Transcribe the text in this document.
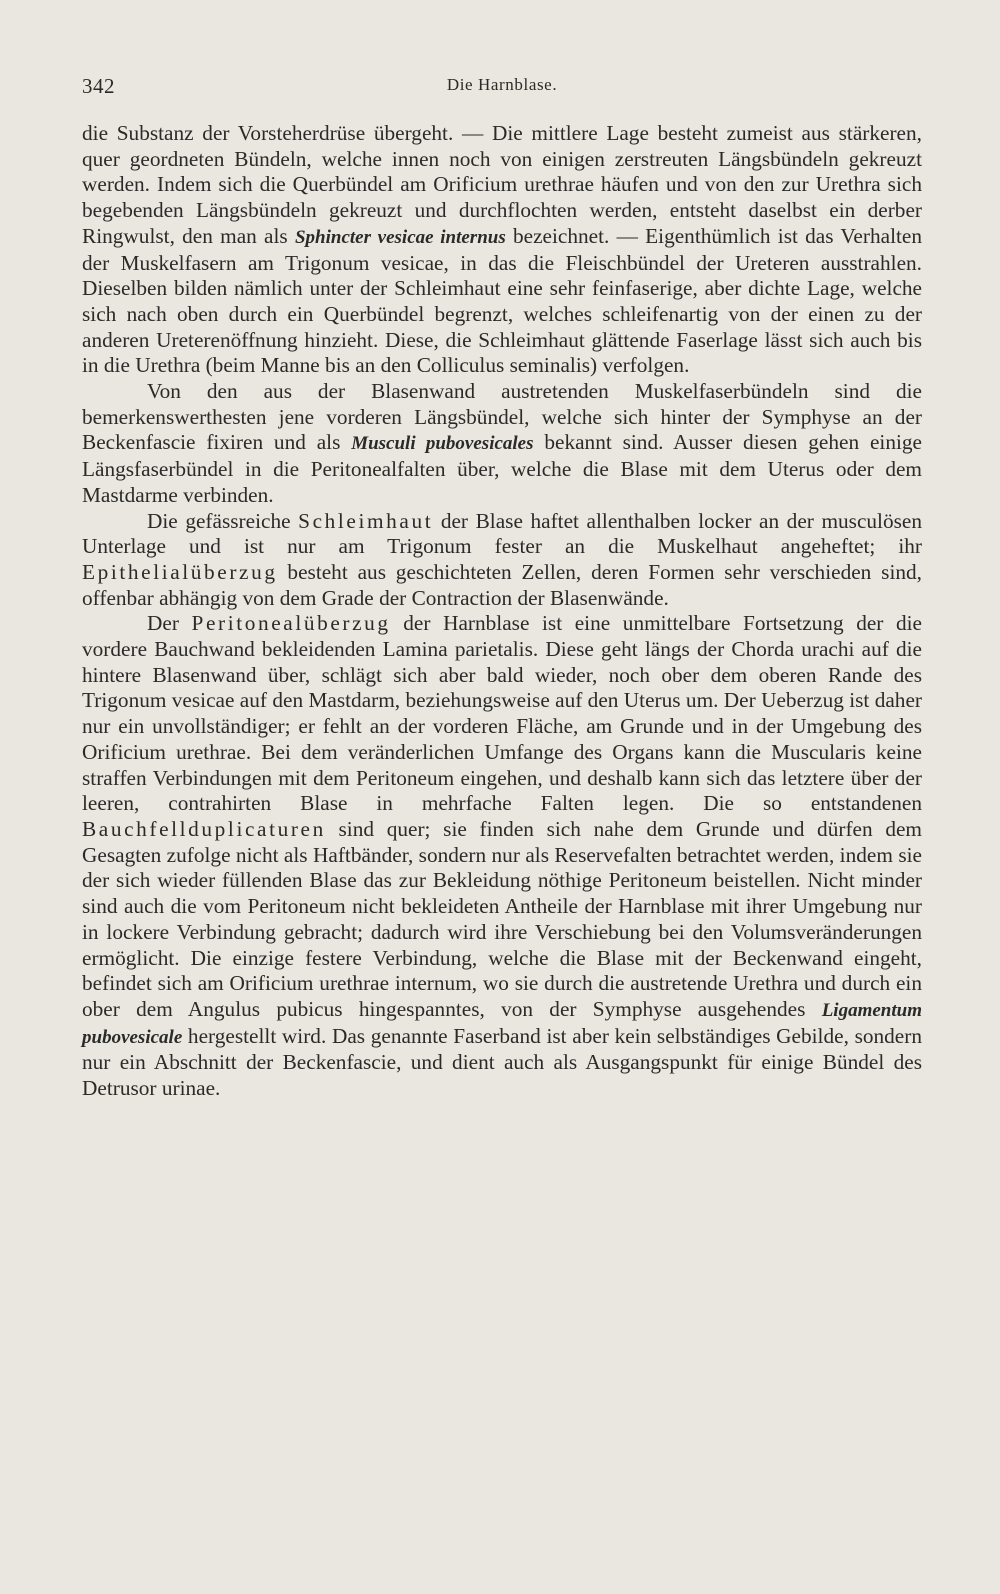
342	Die Harnblase.

die Substanz der Vorsteherdrüse übergeht. — Die mittlere Lage besteht zumeist aus stärkeren, quer geordneten Bündeln, welche innen noch von einigen zerstreuten Längsbündeln gekreuzt werden. Indem sich die Querbündel am Orificium urethrae häufen und von den zur Urethra sich begebenden Längsbündeln gekreuzt und durchflochten werden, entsteht daselbst ein derber Ringwulst, den man als Sphincter vesicae internus bezeichnet. — Eigenthümlich ist das Verhalten der Muskelfasern am Trigonum vesicae, in das die Fleischbündel der Ureteren ausstrahlen. Dieselben bilden nämlich unter der Schleimhaut eine sehr feinfaserige, aber dichte Lage, welche sich nach oben durch ein Querbündel begrenzt, welches schleifenartig von der einen zu der anderen Ureterenöffnung hinzieht. Diese, die Schleimhaut glättende Faserlage lässt sich auch bis in die Urethra (beim Manne bis an den Colliculus seminalis) verfolgen.

Von den aus der Blasenwand austretenden Muskelfaserbündeln sind die bemerkenswerthesten jene vorderen Längsbündel, welche sich hinter der Symphyse an der Beckenfascie fixiren und als Musculi pubovesicales bekannt sind. Ausser diesen gehen einige Längsfaserbündel in die Peritonealfalten über, welche die Blase mit dem Uterus oder dem Mastdarme verbinden.

Die gefässreiche Schleimhaut der Blase haftet allenthalben locker an der musculösen Unterlage und ist nur am Trigonum fester an die Muskelhaut angeheftet; ihr Epithelialüberzug besteht aus geschichteten Zellen, deren Formen sehr verschieden sind, offenbar abhängig von dem Grade der Contraction der Blasenwände.

Der Peritonealüberzug der Harnblase ist eine unmittelbare Fortsetzung der die vordere Bauchwand bekleidenden Lamina parietalis. Diese geht längs der Chorda urachi auf die hintere Blasenwand über, schlägt sich aber bald wieder, noch ober dem oberen Rande des Trigonum vesicae auf den Mastdarm, beziehungsweise auf den Uterus um. Der Ueberzug ist daher nur ein unvollständiger; er fehlt an der vorderen Fläche, am Grunde und in der Umgebung des Orificium urethrae. Bei dem veränderlichen Umfange des Organs kann die Muscularis keine straffen Verbindungen mit dem Peritoneum eingehen, und deshalb kann sich das letztere über der leeren, contrahirten Blase in mehrfache Falten legen. Die so entstandenen Bauchfellduplicaturen sind quer; sie finden sich nahe dem Grunde und dürfen dem Gesagten zufolge nicht als Haftbänder, sondern nur als Reservefalten betrachtet werden, indem sie der sich wieder füllenden Blase das zur Bekleidung nöthige Peritoneum beistellen. Nicht minder sind auch die vom Peritoneum nicht bekleideten Antheile der Harnblase mit ihrer Umgebung nur in lockere Verbindung gebracht; dadurch wird ihre Verschiebung bei den Volumsveränderungen ermöglicht. Die einzige festere Verbindung, welche die Blase mit der Beckenwand eingeht, befindet sich am Orificium urethrae internum, wo sie durch die austretende Urethra und durch ein ober dem Angulus pubicus hingespanntes, von der Symphyse ausgehendes Ligamentum pubovesicale hergestellt wird. Das genannte Faserband ist aber kein selbständiges Gebilde, sondern nur ein Abschnitt der Beckenfascie, und dient auch als Ausgangspunkt für einige Bündel des Detrusor urinae.
